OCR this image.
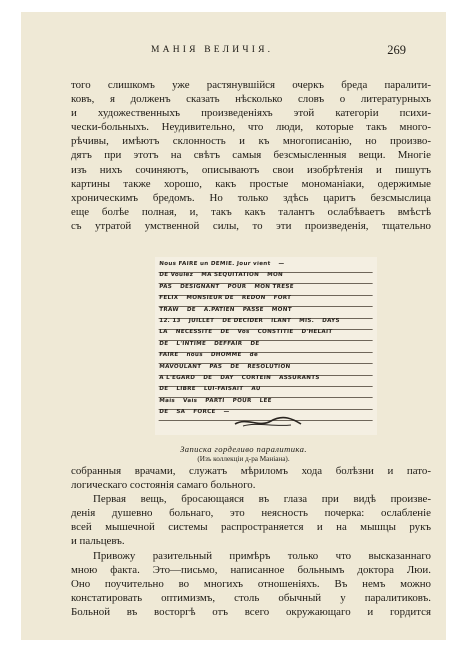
МАНІЯ ВЕЛИЧІЯ.	269
того слишкомъ уже растянувшійся очеркъ бреда паралити-
ковъ, я долженъ сказать нѣсколько словъ о литературныхъ
и художественныхъ произведеніяхъ этой категоріи психи-
чески-больныхъ. Неудивительно, что люди, которые такъ много-
рѣчивы, имѣютъ склонность и къ многописанію, но произво-
дятъ при этотъ на свѣтъ самыя безсмысленныя вещи. Многіе
изъ нихъ сочиняютъ, описываютъ свои изобрѣтенія и пишутъ
картины также хорошо, какъ простые мономаніаки, одержимые
хроническимъ бредомъ. Но только здѣсь царитъ безсмыслица
еще болѣе полная, и, такъ какъ талантъ ослабѣваетъ вмѣстѣ
съ утратой умственной силы, то эти произведенія, тщательно
Nous FAIRE un DEMIE. Jour vient —
DE Voulez MA SEQUITATION MON
PAS DESIGNANT POUR MON TRESE
FELIX MONSIEUR DE REDON FORT
TRAW DE A.PATIEN PASSE MONT
12. 13 JUILLET DE DECIDER ILANT MIS. DAYS
LA NECESSITE DE Vos CONSTITIE D'HELAIT
DE L'INTIME DEFFAIR DE
FAIRE nous DHOMME de
MAVOULANT PAS DE RESOLUTION
A L'EGARD DE DAY CORTEIN ASSURANTS
DE LIBRE LUI-FAISAIT AU
Mais Vais PARTI POUR LEE
DE SA FORCE —
Записка горделиво паралитика.
(Изъ коллекціи д-ра Манiана).
собранныя врачами, служатъ мѣриломъ хода болѣзни и пато-
логическаго состоянія самаго больного.
Первая вещь, бросающаяся въ глаза при видѣ произве-
денія душевно больнаго, это неясность почерка: ослабленіе
всей мышечной системы распространяется и на мышцы рукъ
и пальцевъ.
Привожу разительный примѣръ только что высказаннаго
мною факта. Это—письмо, написанное больнымъ доктора Люи.
Оно поучительно во многихъ отношеніяхъ. Въ немъ можно
констатировать оптимизмъ, столь обычный у паралитиковъ.
Больной въ восторгѣ отъ всего окружающаго и гордится
